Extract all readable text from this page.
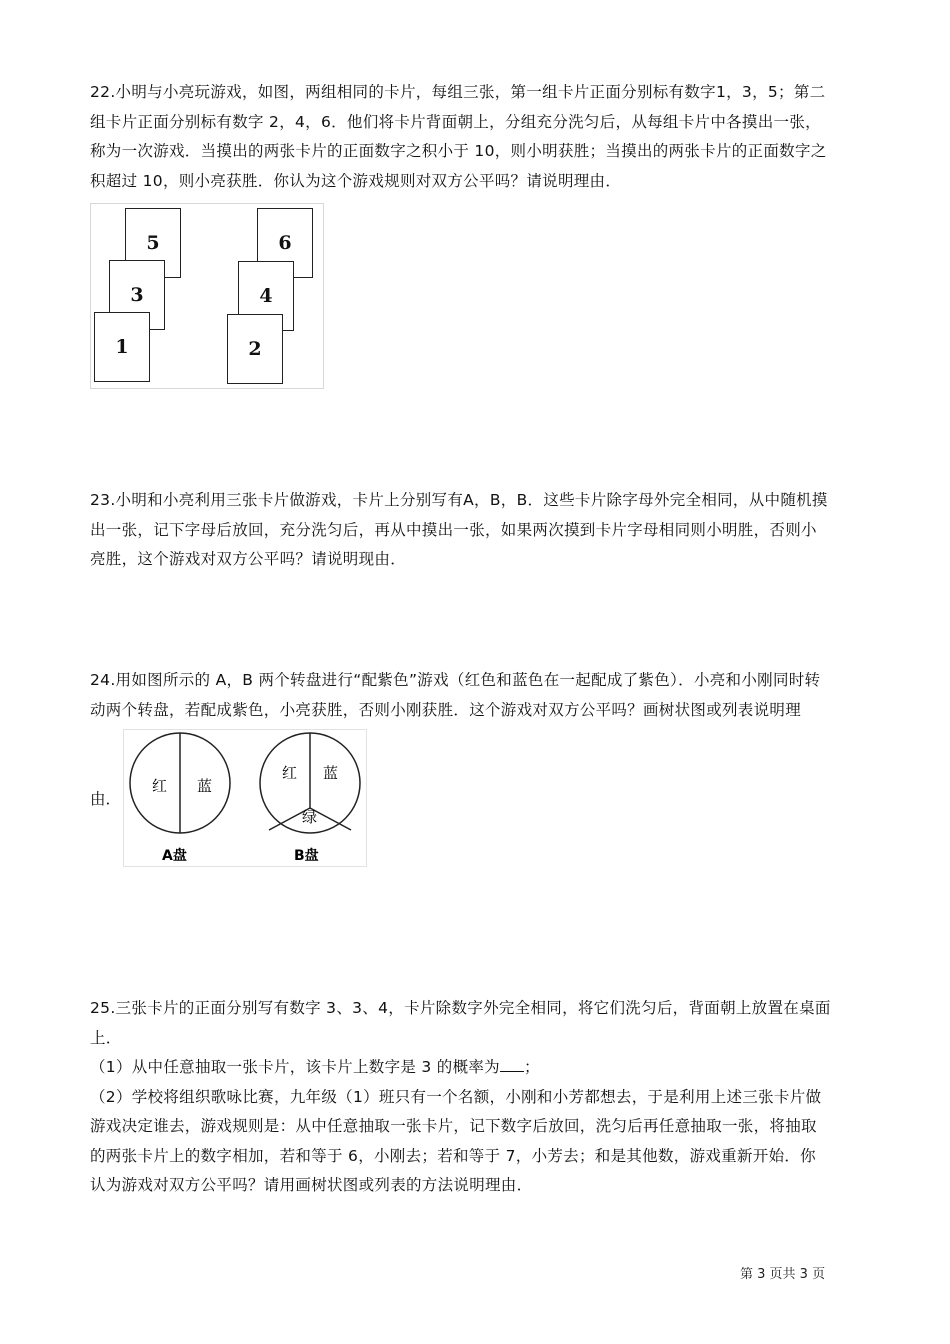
22.小明与小亮玩游戏，如图，两组相同的卡片，每组三张，第一组卡片正面分别标有数字1，3，5；第二
组卡片正面分别标有数字 2，4，6．他们将卡片背面朝上，分组充分洗匀后，从每组卡片中各摸出一张，
称为一次游戏．当摸出的两张卡片的正面数字之积小于 10，则小明获胜；当摸出的两张卡片的正面数字之
积超过 10，则小亮获胜．你认为这个游戏规则对双方公平吗？请说明理由．
5
3
1
6
4
2
23.小明和小亮利用三张卡片做游戏，卡片上分别写有A，B，B．这些卡片除字母外完全相同，从中随机摸
出一张，记下字母后放回，充分洗匀后，再从中摸出一张，如果两次摸到卡片字母相同则小明胜，否则小
亮胜，这个游戏对双方公平吗？请说明现由．
24.用如图所示的 A，B 两个转盘进行“配紫色”游戏（红色和蓝色在一起配成了紫色）．小亮和小刚同时转
动两个转盘，若配成紫色，小亮获胜，否则小刚获胜．这个游戏对双方公平吗？画树状图或列表说明理
红 蓝
A盘
红 蓝
绿
B盘
由．
25.三张卡片的正面分别写有数字 3、3、4，卡片除数字外完全相同，将它们洗匀后，背面朝上放置在桌面
上．
（1）从中任意抽取一张卡片，该卡片上数字是 3 的概率为 ；
（2）学校将组织歌咏比赛，九年级（1）班只有一个名额，小刚和小芳都想去，于是利用上述三张卡片做
游戏决定谁去，游戏规则是：从中任意抽取一张卡片，记下数字后放回，洗匀后再任意抽取一张，将抽取
的两张卡片上的数字相加，若和等于 6，小刚去；若和等于 7，小芳去；和是其他数，游戏重新开始．你
认为游戏对双方公平吗？请用画树状图或列表的方法说明理由．
第 3 页共 3 页
